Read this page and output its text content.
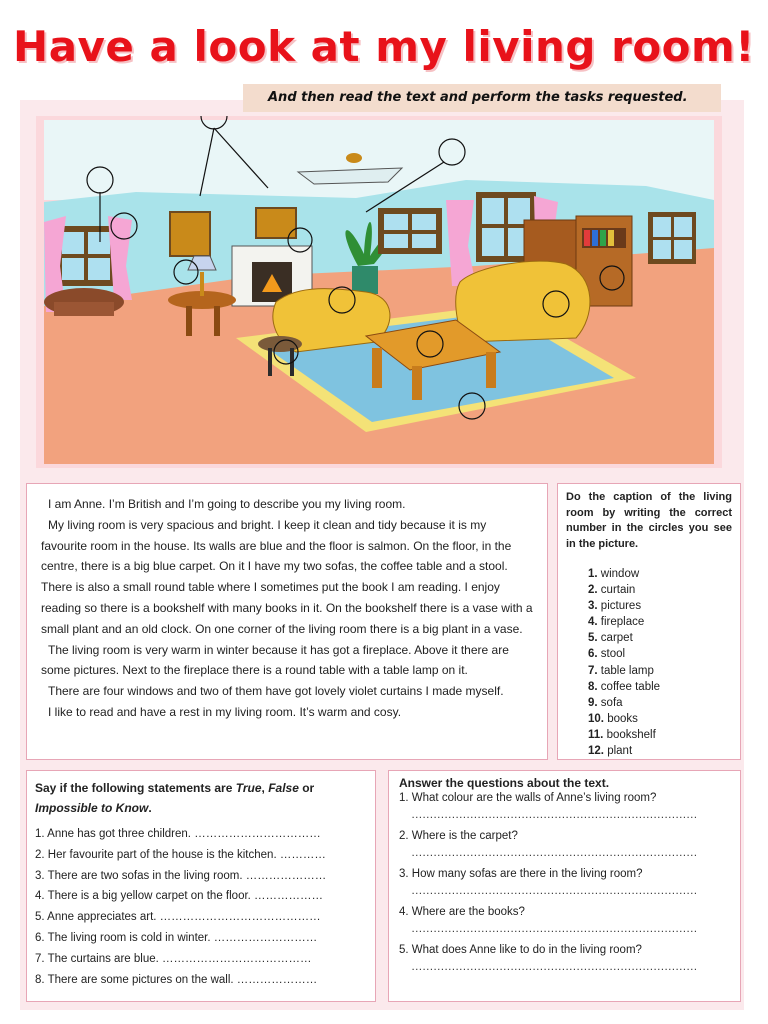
Have a look at my living room!
And then read the text and perform the tasks requested.

I am Anne. I’m British and I’m going to describe you my living room.

My living room is very spacious and bright. I keep it clean and tidy because it is my favourite room in the house. Its walls are blue and the floor is salmon. On the floor, in the centre, there is a big blue carpet. On it I have my two sofas, the coffee table and a stool. There is also a small round table where I sometimes put the book I am reading. I enjoy reading so there is a bookshelf with many books in it. On the bookshelf there is a vase with a small plant and an old clock. On one corner of the living room there is a big plant in a vase.

The living room is very warm in winter because it has got a fireplace. Above it there are some pictures. Next to the fireplace there is a round table with a table lamp on it.

There are four windows and two of them have got lovely violet curtains I made myself.

I like to read and have a rest in my living room. It’s warm and cosy.

Do the caption of the living room by writing the correct number in the circles you see in the picture.

1. window
2. curtain
3. pictures
4. fireplace
5. carpet
6. stool
7. table lamp
8. coffee table
9. sofa
10. books
11. bookshelf
12. plant

Say if the following statements are True, False or
Impossible to Know.

1. Anne has got three children. ……………………………
2. Her favourite part of the house is the kitchen. …………
3. There are two sofas in the living room. …………………
4. There is a big yellow carpet on the floor. ………………
5. Anne appreciates art. ……………………………………
6. The living room is cold in winter. ………………………
7. The curtains are blue. …………………………………
8. There are some pictures on the wall. …………………

Answer the questions about the text.

1. What colour are the walls of Anne’s living room?
……………………………………………………………………
2. Where is the carpet?
……………………………………………………………………
3. How many sofas are there in the living room?
……………………………………………………………………
4. Where are the books?
……………………………………………………………………
5. What does Anne like to do in the living room?
……………………………………………………………………
